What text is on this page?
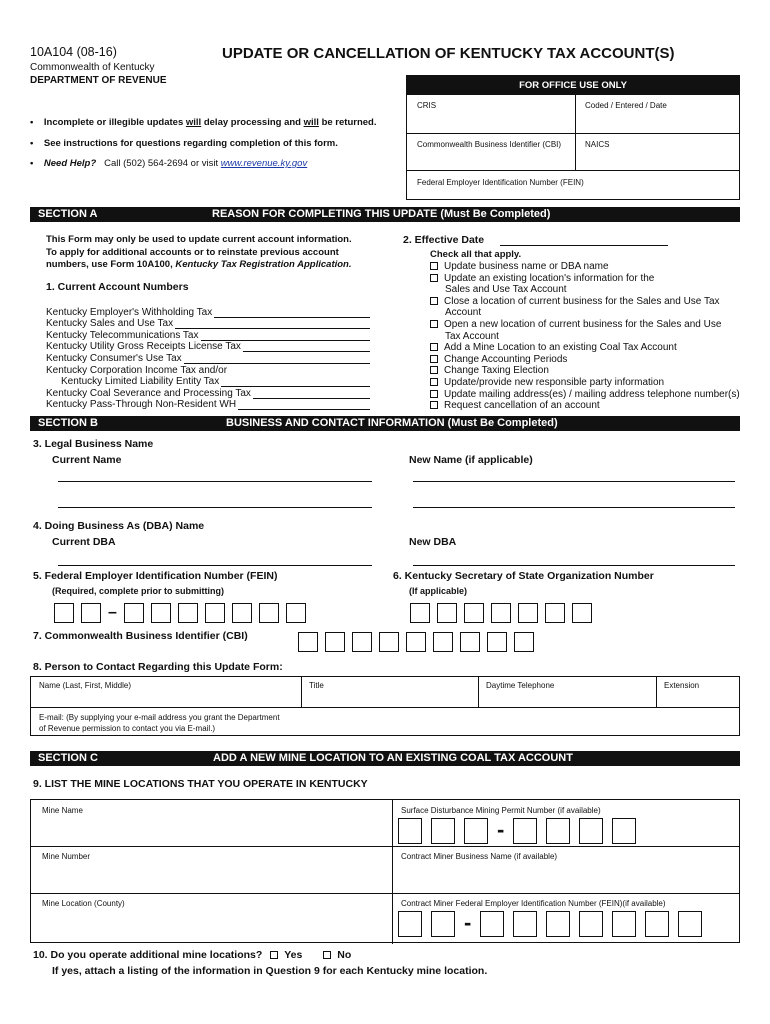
10A104 (08-16)	UPDATE OR CANCELLATION OF KENTUCKY TAX ACCOUNT(S)
Commonwealth of Kentucky
DEPARTMENT OF REVENUE	FOR OFFICE USE ONLY
CRIS	Coded / Entered / Date
Commonwealth Business Identifier (CBI)	NAICS
Federal Employer Identification Number (FEIN)
•    Incomplete or illegible updates will delay processing and will be returned.
•    See instructions for questions regarding completion of this form.
• Need Help? Call (502) 564-2694 or visit www.revenue.ky.gov
SECTION A	REASON FOR COMPLETING THIS UPDATE (Must Be Completed)
This Form may only be used to update current account information.
To apply for additional accounts or to reinstate previous account
numbers, use Form 10A100, Kentucky Tax Registration Application.
1. Current Account Numbers
Kentucky Employer's Withholding Tax
Kentucky Sales and Use Tax
Kentucky Telecommunications Tax
Kentucky Utility Gross Receipts License Tax
Kentucky Consumer's Use Tax
Kentucky Corporation Income Tax and/or
Kentucky Limited Liability Entity Tax
Kentucky Coal Severance and Processing Tax
Kentucky Pass-Through Non-Resident WH
2. Effective Date
Check all that apply.
Update business name or DBA name
Update an existing location's information for the
Sales and Use Tax Account
Close a location of current business for the Sales and Use Tax
Account
Open a new location of current business for the Sales and Use
Tax Account
Add a Mine Location to an existing Coal Tax Account
Change Accounting Periods
Change Taxing Election
Update/provide new responsible party information
Update mailing address(es) / mailing address telephone number(s)
Request cancellation of an account
SECTION B	BUSINESS AND CONTACT INFORMATION (Must Be Completed)
3. Legal Business Name
Current Name	New Name (if applicable)
4. Doing Business As (DBA) Name
Current DBA	New DBA
5. Federal Employer Identification Number (FEIN)
(Required, complete prior to submitting)
6. Kentucky Secretary of State Organization Number
(If applicable)
–
7. Commonwealth Business Identifier (CBI)
8. Person to Contact Regarding this Update Form:
Name (Last, First, Middle)	Title	Daytime Telephone	Extension
E-mail: (By supplying your e-mail address you grant the Department
of Revenue permission to contact you via E-mail.)
SECTION C	ADD A NEW MINE LOCATION TO AN EXISTING COAL TAX ACCOUNT
9. LIST THE MINE LOCATIONS THAT YOU OPERATE IN KENTUCKY
Mine Name	Surface Disturbance Mining Permit Number (if available)
Mine Number	Contract Miner Business Name (if available)
Mine Location (County)	Contract Miner Federal Employer Identification Number (FEIN)(if available)
-
-
10. Do you operate additional mine locations? Yes	No
If yes, attach a listing of the information in Question 9 for each Kentucky mine location.
